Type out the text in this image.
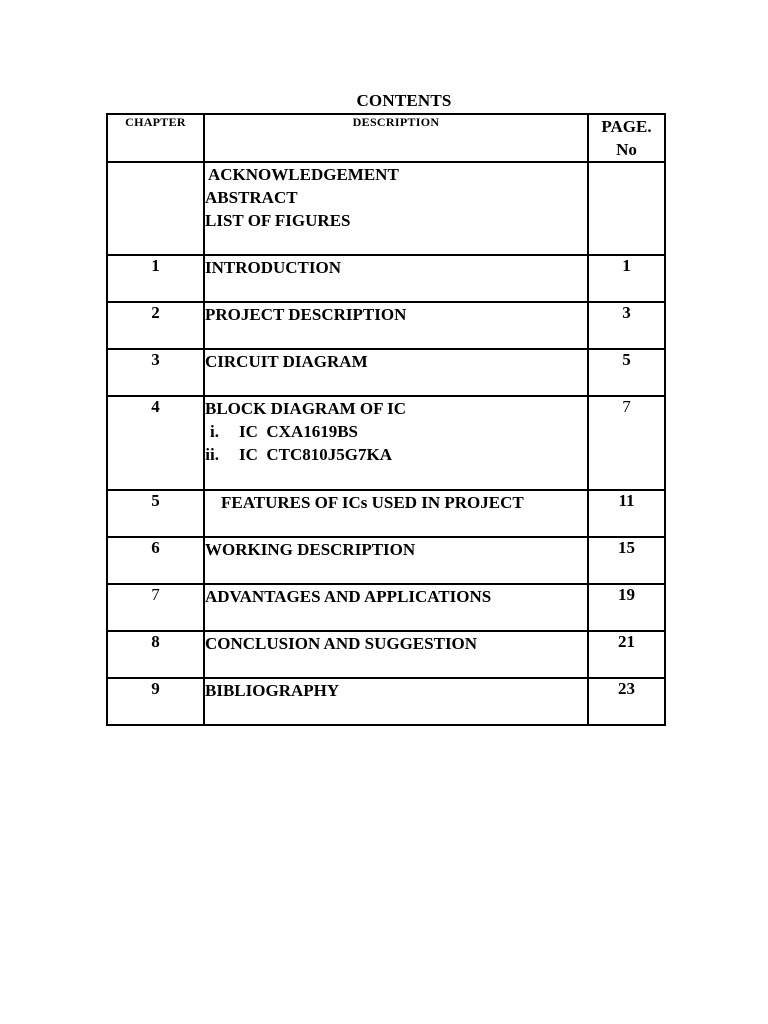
CONTENTS
CHAPTER	DESCRIPTION	PAGE.
No

	ACKNOWLEDGEMENT
ABSTRACT
LIST OF FIGURES	

1	INTRODUCTION	1
2	PROJECT DESCRIPTION	3
3	CIRCUIT DIAGRAM	5
4	BLOCK DIAGRAM OF IC
i. IC  CXA1619BS
ii. IC  CTC810J5G7KA	7
5	FEATURES OF ICs USED IN PROJECT	11
6	WORKING DESCRIPTION	15
7	ADVANTAGES AND APPLICATIONS	19
8	CONCLUSION AND SUGGESTION	21
9	BIBLIOGRAPHY	23
